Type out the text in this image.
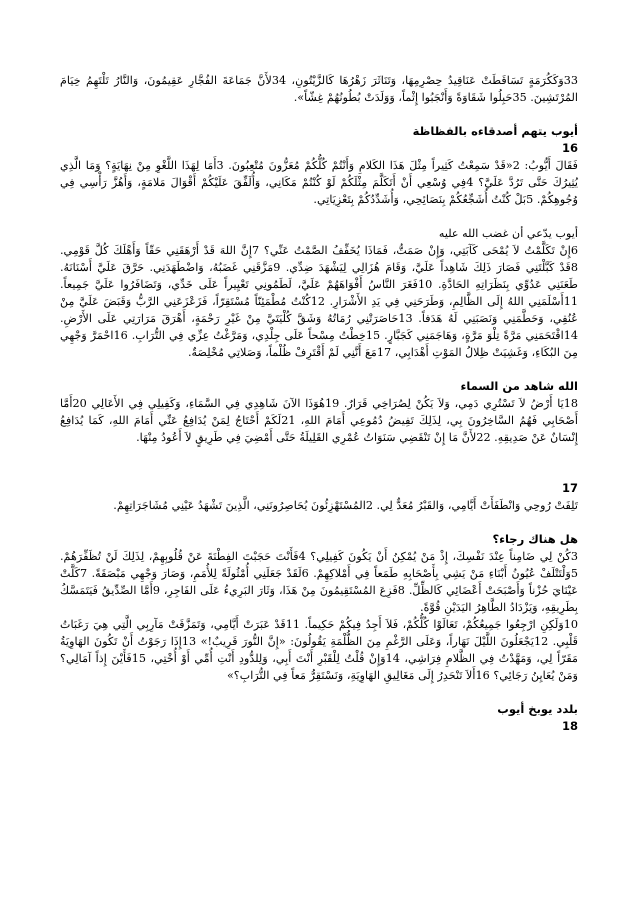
33وَكَكُرَمَةٍ تَسَاقَطَتْ عَنَاقِيدُ حِصْرِمِهَا، وَتَنَاثَرَ زَهْرُهَا كَالزَّيْتُونِ، 34لأَنَّ جَمَاعَةَ الفُجَّارِ عَقِيمُونَ، وَالنَّارُ تَلْتَهِمُ خِيَامَ المُرْتَشِينَ. 35حَبِلُوا شَقَاوَةً وَأَنْجَبُوا إِثْماً، وَوَلَدَتْ بُطُونُهُمْ غِشّاً».

أيوب يتهم أصدقاءه بالفظاظة
16

فَقَالَ أَيُّوبُ: 2«قَدْ سَمِعْتُ كَثِيراً مِثْلَ هَذَا الكَلامِ وَأَنْتُمْ كُلُّكُمْ مُعَزُّونَ مُتْعِبُونَ. 3أَمَا لِهَذَا اللَّغْوِ مِنْ نِهَايَةٍ؟ وَمَا الَّذِي يُثِيرُكَ حَتَّى تَرُدَّ عَلَيَّ؟ 4فِي وُسْعِي أَنْ أَتَكَلَّمَ مِثْلَكُمْ لَوْ كُنْتُمْ مَكَانِي، وَأُلَفِّقَ عَلَيْكُمْ أَقْوَالَ مَلامَةٍ، وَأَهُزَّ رَأْسِي فِي وُجُوهِكُمْ. 5بَلْ كُنْتُ أُشَجِّعُكُمْ بِنَصَائِحِي، وَأُشَدِّدُكُمْ بِتَعْزِيَاتِي.

أيوب يدّعي أن غضب الله عليه

6إِنْ تَكَلَّمْتُ لاَ يُمْحَى كَآبَتِي، وَإِنْ صَمَتُّ، فَمَاذَا يُخَفِّفُ الصَّمْتُ عَنِّي؟ 7إِنَّ اللهَ قَدْ أَرْهَقَنِي حَقّاً وَأَهْلَكَ كُلَّ قَوْمِي. 8قَدْ كَبَّلْتَنِي فَصَارَ ذَلِكَ شَاهِداً عَلَيَّ، وَقَامَ هُزَالِي لِيَشْهَدَ ضِدِّي. 9مَزَّقَنِي غَضَبُهُ، وَاضْطَهَدَنِي. حَرَّقَ عَلَيَّ أَسْنَانَهُ. طَعَنَنِي عَدُوِّي بِنَظَرَاتِهِ الحَادَّةِ. 10فَغَرَ النَّاسُ أَفْوَاهَهُمْ عَلَيَّ، لَطَمُونِي تَعْيِيراً عَلَى خَدِّي، وَتَضَافَرُوا عَلَيَّ جَمِيعاً. 11أَسْلَمَنِي اللهُ إِلَى الظَّالِمِ، وَطَرَحَنِي فِي يَدِ الأَشْرَارِ. 12كُنْتُ مُطْمَئِنّاً مُسْتَقِرّاً، فَزَعْزَعَنِي الرَّبُّ وَقَبَضَ عَلَيَّ مِنْ عُنُقِي، وَحَطَّمَنِي وَنَصَبَنِي لَهُ هَدَفاً. 13حَاصَرَتْنِي رُمَاتُهُ وَشَقَّ كُلْيَتَيَّ مِنْ غَيْرِ رَحْمَةٍ، أَهْرَقَ مَرَارَتِي عَلَى الأَرْضِ. 14اقْتَحَمَنِي مَرَّةً تِلْوَ مَرَّةٍ، وَهَاجَمَنِي كَجَبَّارٍ. 15خِطْتُ مِسْحاً عَلَى جِلْدِي، وَمَرَّغْتُ عِزِّي فِي التُّرَابِ. 16احْمَرَّ وَجْهِي مِنَ البُكَاءِ، وَغَشِيَتْ ظِلالُ المَوْتِ أَهْدَابِي، 17مَعَ أَنَّنِي لَمْ أَقْتَرِفْ ظُلْماً، وَصَلاتِي مُخْلِصَةٌ.

الله شاهد من السماء

18يَا أَرْضُ لاَ تَسْتُرِي دَمِي، وَلاَ يَكُنْ لِصُرَاخِي قَرَارٌ. 19هُوَذَا الآنَ شَاهِدِي فِي السَّمَاءِ، وَكَفِيلِي فِي الأَعَالِي 20أَمَّا أَصْحَابِي فَهُمُ السَّاخِرُونَ بِي، لِذَلِكَ تَفِيضُ دُمُوعِي أَمَامَ اللهِ، 21لَكَمْ أَحْتَاجُ لِمَنْ يُدَافِعُ عَنِّي أَمَامَ اللهِ، كَمَا يُدَافِعُ إِنْسَانٌ عَنْ صَدِيقِهِ. 22لأَنَّ مَا إِنْ تَنْقَضِي سَنَوَاتُ عُمْرِي القَلِيلَةُ حَتَّى أَمْضِيَ فِي طَرِيقٍ لاَ أَعُودُ مِنْهَا.

17

تَلِفَتْ رُوحِي وَانْطَفَأَتْ أَيَّامِي، وَالقَبْرُ مُعَدٌّ لِي. 2المُسْتَهْزِئُونَ يُحَاصِرُونَنِي، الَّذِينَ تَشْهَدُ عَيْنِي مُشَاجَرَاتِهِمْ.

هل هناك رجاء؟

3كُنْ لِي ضَامِناً عِنْدَ نَفْسِكَ، إِذْ مَنْ يُمْكِنُ أَنْ يَكُونَ كَفِيلِي؟ 4فَأَنْتَ حَجَبْتَ الفِطْنَةَ عَنْ قُلُوبِهِمْ، لِذَلِكَ لَنْ تُظَفِّرَهُمْ. 5وَلْتَتْلَفْ عُيُونُ أَبْنَاءِ مَنْ يَشِي بِأَصْحَابِهِ طَمَعاً فِي أَمْلاكِهِمْ. 6لَقَدْ جَعَلَنِي أُمْثُولَةً لِلأُمَمِ، وَصَارَ وَجْهِي مَبْصَقَةً. 7كَلَّتْ عَيْنَايَ حُزْناً وَأَصْبَحَتْ أَعْضَائِي كَالظِّلِّ. 8فَزِعَ المُسْتَقِيمُونَ مِنْ هَذَا، وَثَارَ البَرِيءُ عَلَى الفَاجِرِ، 9أَمَّا الصِّدِّيقُ فَيَتَمَسَّكُ بِطَرِيقِهِ، وَيَزْدَادُ الطَّاهِرُ اليَدَيْنِ قُوَّةً.

10وَلَكِنِ ارْجِعُوا جَمِيعُكُمْ، تَعَالَوْا كُلُّكُمْ، فَلاَ أَجِدُ فِيكُمْ حَكِيماً. 11قَدْ عَبَرَتْ أَيَّامِي، وَتَمَزَّقَتْ مَآرِبِي الَّتِي هِيَ رَغَبَاتُ قَلْبِي. 12يَجْعَلُونَ اللَّيْلَ نَهَاراً، وَعَلَى الرَّغْمِ مِنَ الظُّلْمَةِ يَقُولُونَ: «إِنَّ النُّورَ قَرِيبٌ!» 13إِذَا رَجَوْتُ أَنْ تَكُونَ الهَاوِيَةُ مَقَرّاً لِي، وَمَهَّدْتُ فِي الظَّلامِ فِرَاشِي، 14وَإِنْ قُلْتُ لِلْقَبْرِ أَنْتَ أَبِي، وَلِلدُّودِ أَنْتِ أُمِّي أَوْ أُخْتِي، 15فَأَيْنَ إِذاً آمَالِي؟ وَمَنْ يُعَايِنُ رَجَائِي؟ 16أَلاَ تَنْحَدِرُ إِلَى مَغَالِيقِ الهَاوِيَةِ، وَنَسْتَقِرُّ مَعاً فِي التُّرَابِ؟»

بلدد يوبخ أيوب
18
